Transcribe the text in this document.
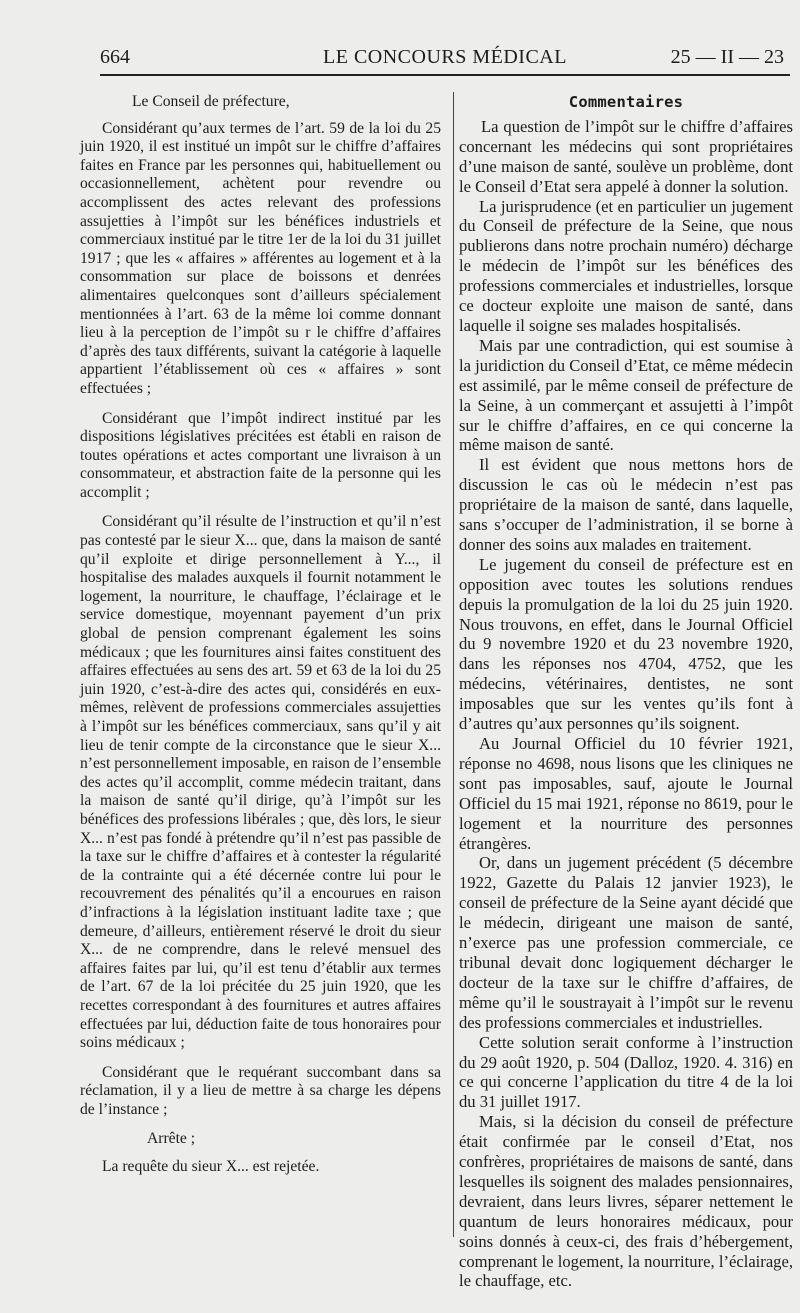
664	LE CONCOURS MÉDICAL	25 — II — 23

Le Conseil de préfecture,

Considérant qu’aux termes de l’art. 59 de la loi du 25 juin 1920, il est institué un impôt sur le chiffre d’affaires faites en France par les personnes qui, habituellement ou occasionnellement, achètent pour revendre ou accomplissent des actes relevant des professions assujetties à l’impôt sur les bénéfices industriels et commerciaux institué par le titre 1er de la loi du 31 juillet 1917 ; que les « affaires » afférentes au logement et à la consommation sur place de boissons et denrées alimentaires quelconques sont d’ailleurs spécialement mentionnées à l’art. 63 de la même loi comme donnant lieu à la perception de l’impôt su r le chiffre d’affaires d’après des taux différents, suivant la catégorie à laquelle appartient l’établissement où ces « affaires » sont effectuées ;

Considérant que l’impôt indirect institué par les dispositions législatives précitées est établi en raison de toutes opérations et actes comportant une livraison à un consommateur, et abstraction faite de la personne qui les accomplit ;

Considérant qu’il résulte de l’instruction et qu’il n’est pas contesté par le sieur X... que, dans la maison de santé qu’il exploite et dirige personnellement à Y..., il hospitalise des malades auxquels il fournit notamment le logement, la nourriture, le chauffage, l’éclairage et le service domestique, moyennant payement d’un prix global de pension comprenant également les soins médicaux ; que les fournitures ainsi faites constituent des affaires effectuées au sens des art. 59 et 63 de la loi du 25 juin 1920, c’est-à-dire des actes qui, considérés en eux-mêmes, relèvent de professions commerciales assujetties à l’impôt sur les bénéfices commerciaux, sans qu’il y ait lieu de tenir compte de la circonstance que le sieur X... n’est personnellement imposable, en raison de l’ensemble des actes qu’il accomplit, comme médecin traitant, dans la maison de santé qu’il dirige, qu’à l’impôt sur les bénéfices des professions libérales ; que, dès lors, le sieur X... n’est pas fondé à prétendre qu’il n’est pas passible de la taxe sur le chiffre d’affaires et à contester la régularité de la contrainte qui a été décernée contre lui pour le recouvrement des pénalités qu’il a encourues en raison d’infractions à la législation instituant ladite taxe ; que demeure, d’ailleurs, entièrement réservé le droit du sieur X... de ne comprendre, dans le relevé mensuel des affaires faites par lui, qu’il est tenu d’établir aux termes de l’art. 67 de la loi précitée du 25 juin 1920, que les recettes correspondant à des fournitures et autres affaires effectuées par lui, déduction faite de tous honoraires pour soins médicaux ;

Considérant que le requérant succombant dans sa réclamation, il y a lieu de mettre à sa charge les dépens de l’instance ;

Arrête ;

La requête du sieur X... est rejetée.

Commentaires

La question de l’impôt sur le chiffre d’affaires concernant les médecins qui sont propriétaires d’une maison de santé, soulève un problème, dont le Conseil d’Etat sera appelé à donner la solution.

La jurisprudence (et en particulier un jugement du Conseil de préfecture de la Seine, que nous publierons dans notre prochain numéro) décharge le médecin de l’impôt sur les bénéfices des professions commerciales et industrielles, lorsque ce docteur exploite une maison de santé, dans laquelle il soigne ses malades hospitalisés.

Mais par une contradiction, qui est soumise à la juridiction du Conseil d’Etat, ce même médecin est assimilé, par le même conseil de préfecture de la Seine, à un commerçant et assujetti à l’impôt sur le chiffre d’affaires, en ce qui concerne la même maison de santé.

Il est évident que nous mettons hors de discussion le cas où le médecin n’est pas propriétaire de la maison de santé, dans laquelle, sans s’occuper de l’administration, il se borne à donner des soins aux malades en traitement.

Le jugement du conseil de préfecture est en opposition avec toutes les solutions rendues depuis la promulgation de la loi du 25 juin 1920. Nous trouvons, en effet, dans le Journal Officiel du 9 novembre 1920 et du 23 novembre 1920, dans les réponses nos 4704, 4752, que les médecins, vétérinaires, dentistes, ne sont imposables que sur les ventes qu’ils font à d’autres qu’aux personnes qu’ils soignent.

Au Journal Officiel du 10 février 1921, réponse no 4698, nous lisons que les cliniques ne sont pas imposables, sauf, ajoute le Journal Officiel du 15 mai 1921, réponse no 8619, pour le logement et la nourriture des personnes étrangères.

Or, dans un jugement précédent (5 décembre 1922, Gazette du Palais 12 janvier 1923), le conseil de préfecture de la Seine ayant décidé que le médecin, dirigeant une maison de santé, n’exerce pas une profession commerciale, ce tribunal devait donc logiquement décharger le docteur de la taxe sur le chiffre d’affaires, de même qu’il le soustrayait à l’impôt sur le revenu des professions commerciales et industrielles.

Cette solution serait conforme à l’instruction du 29 août 1920, p. 504 (Dalloz, 1920. 4. 316) en ce qui concerne l’application du titre 4 de la loi du 31 juillet 1917.

Mais, si la décision du conseil de préfecture était confirmée par le conseil d’Etat, nos confrères, propriétaires de maisons de santé, dans lesquelles ils soignent des malades pensionnaires, devraient, dans leurs livres, séparer nettement le quantum de leurs honoraires médicaux, pour soins donnés à ceux-ci, des frais d’hébergement, comprenant le logement, la nourriture, l’éclairage, le chauffage, etc.
